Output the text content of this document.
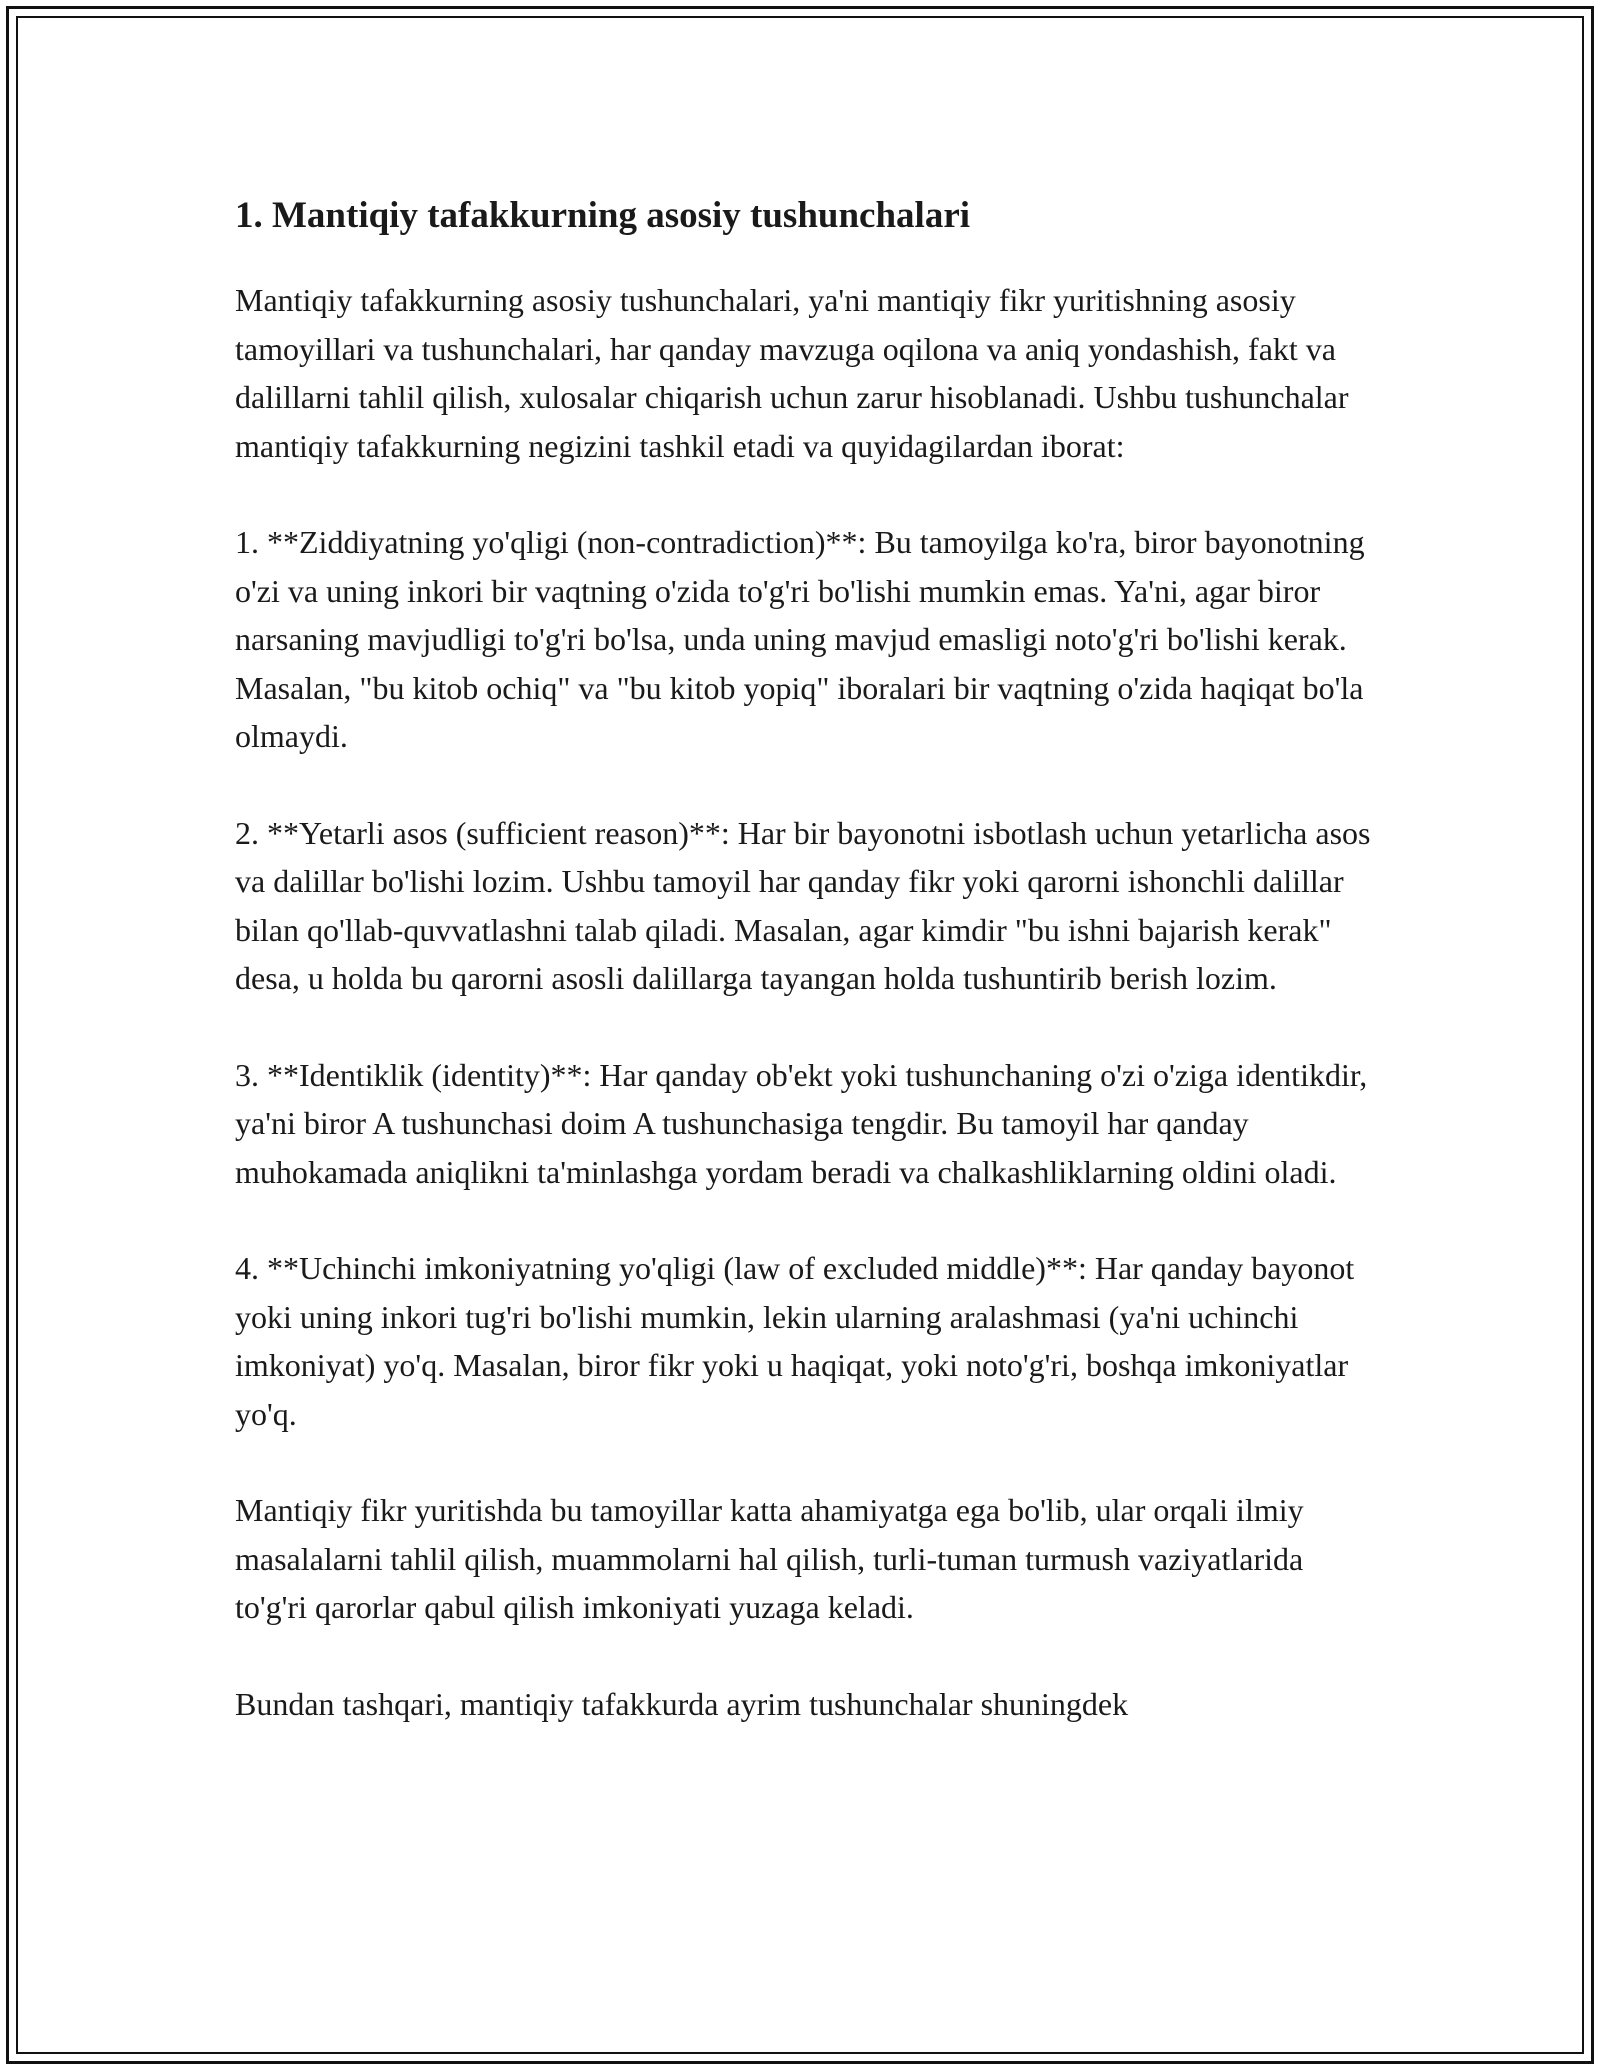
1. Mantiqiy tafakkurning asosiy tushunchalari

Mantiqiy tafakkurning asosiy tushunchalari, ya'ni mantiqiy fikr yuritishning asosiy tamoyillari va tushunchalari, har qanday mavzuga oqilona va aniq yondashish, fakt va dalillarni tahlil qilish, xulosalar chiqarish uchun zarur hisoblanadi. Ushbu tushunchalar mantiqiy tafakkurning negizini tashkil etadi va quyidagilardan iborat:

1. **Ziddiyatning yo'qligi (non-contradiction)**: Bu tamoyilga ko'ra, biror bayonotning o'zi va uning inkori bir vaqtning o'zida to'g'ri bo'lishi mumkin emas. Ya'ni, agar biror narsaning mavjudligi to'g'ri bo'lsa, unda uning mavjud emasligi noto'g'ri bo'lishi kerak. Masalan, "bu kitob ochiq" va "bu kitob yopiq" iboralari bir vaqtning o'zida haqiqat bo'la olmaydi.

2. **Yetarli asos (sufficient reason)**: Har bir bayonotni isbotlash uchun yetarlicha asos va dalillar bo'lishi lozim. Ushbu tamoyil har qanday fikr yoki qarorni ishonchli dalillar bilan qo'llab-quvvatlashni talab qiladi. Masalan, agar kimdir "bu ishni bajarish kerak" desa, u holda bu qarorni asosli dalillarga tayangan holda tushuntirib berish lozim.

3. **Identiklik (identity)**: Har qanday ob'ekt yoki tushunchaning o'zi o'ziga identikdir, ya'ni biror A tushunchasi doim A tushunchasiga tengdir. Bu tamoyil har qanday muhokamada aniqlikni ta'minlashga yordam beradi va chalkashliklarning oldini oladi.

4. **Uchinchi imkoniyatning yo'qligi (law of excluded middle)**: Har qanday bayonot yoki uning inkori tug'ri bo'lishi mumkin, lekin ularning aralashmasi (ya'ni uchinchi imkoniyat) yo'q. Masalan, biror fikr yoki u haqiqat, yoki noto'g'ri, boshqa imkoniyatlar yo'q.

Mantiqiy fikr yuritishda bu tamoyillar katta ahamiyatga ega bo'lib, ular orqali ilmiy masalalarni tahlil qilish, muammolarni hal qilish, turli-tuman turmush vaziyatlarida to'g'ri qarorlar qabul qilish imkoniyati yuzaga keladi.

Bundan tashqari, mantiqiy tafakkurda ayrim tushunchalar shuningdek
